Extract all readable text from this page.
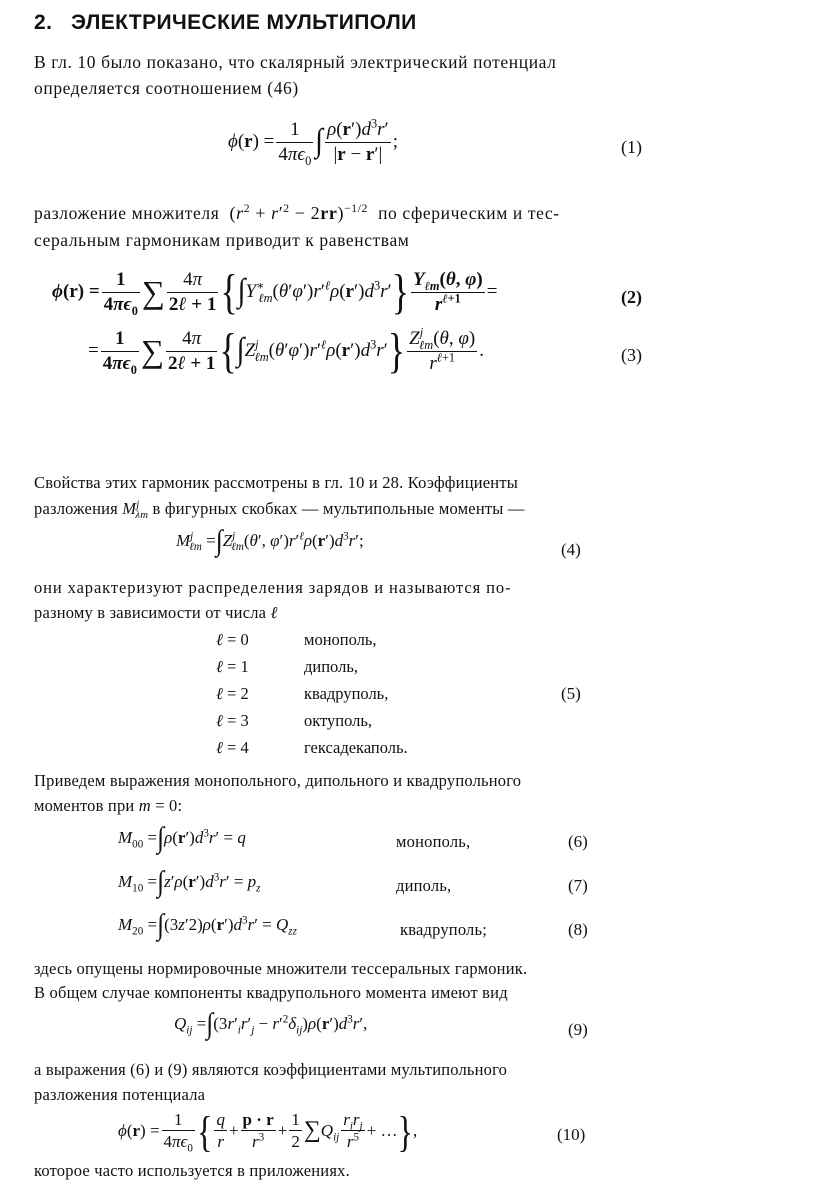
2. ЭЛЕКТРИЧЕСКИЕ МУЛЬТИПОЛИ
В гл. 10 было показано, что скалярный электрический потенциал
определяется соотношением (46)
$\phi(r) = \frac{1}{4\pi\epsilon_0}$ ∫ $\frac{\rho(r')d^3r'}{|r - r'|}$ ;	(1)
разложение множителя  $(r^2 + r'^2 - 2rr)^{-1/2}$ по сферическим и тес-
серальным гармоникам приводит к равенствам
$\phi(r) = \frac{1}{4\pi\epsilon_0}$ ∑ $\frac{4\pi}{\text{2ℓ + 1}}$ { ∫ $Y^∗_{\ell m}(\theta'\varphi')r'^\ell\rho(r')d^3r'$ } $\frac{Y_{\ell m}(\theta, \varphi)}{r^{\ell+1}}$ =	(2)
= $\frac{1}{4\pi\epsilon_0}$ ∑ $\frac{4\pi}{\text{2ℓ + 1}}$ { ∫ $Z^j_{\ell m}(\theta'\varphi')r'^\ell\rho(r')d^3r'$ } $\frac{Z^j_{\ell m}(\theta, \varphi)}{r^{\ell+1}}$ .	(3)
Свойства этих гармоник рассмотрены в гл. 10 и 28. Коэффициенты
разложения $M^j_{\lambda m}$ в фигурных скобках — мультипольные моменты —
$M^j_{\ell m}$ = ∫ $Z^j_{\ell m}(\theta'$, $\varphi')r'^\ell\rho(r')d^3r'$;	(4)
они характеризуют распределения зарядов и называются по-
разному в зависимости от числа ℓ
ℓ = 0	монополь,
ℓ = 1	диполь,
ℓ = 2	квадруполь,
ℓ = 3	октуполь,
ℓ = 4	гексадекаполь.
(5)
Приведем выражения монопольного, дипольного и квадрупольного
моментов при m = 0:
$M_{00}$ = ∫ $\rho(r')d^3r' = q$	монополь,	(6)
$M_{10}$ = ∫ $z'\rho(r')d^3r' = p_z$	диполь,	(7)
$M_{20}$ = ∫ $(3z'2)\rho(r')d^3r' = Q_{zz}$	квадруполь;	(8)
здесь опущены нормировочные множители тессеральных гармоник.
В общем случае компоненты квадрупольного момента имеют вид
$Q_{ij}$ = ∫ $(3r'_ir'_j - r'^2\delta_{ij})\rho(r')d^3r'$,	(9)
а выражения (6) и (9) являются коэффициентами мультипольного
разложения потенциала
$\phi(r) = \frac{1}{4\pi\epsilon_0}$ { $\frac{q}{r} + \frac{p \cdot r}{r^3} + \frac{1}{2}$ ∑ $Q_{ij} \frac{r_ir_j}{r^5}$ + … } ,	(10)
которое часто используется в приложениях.
